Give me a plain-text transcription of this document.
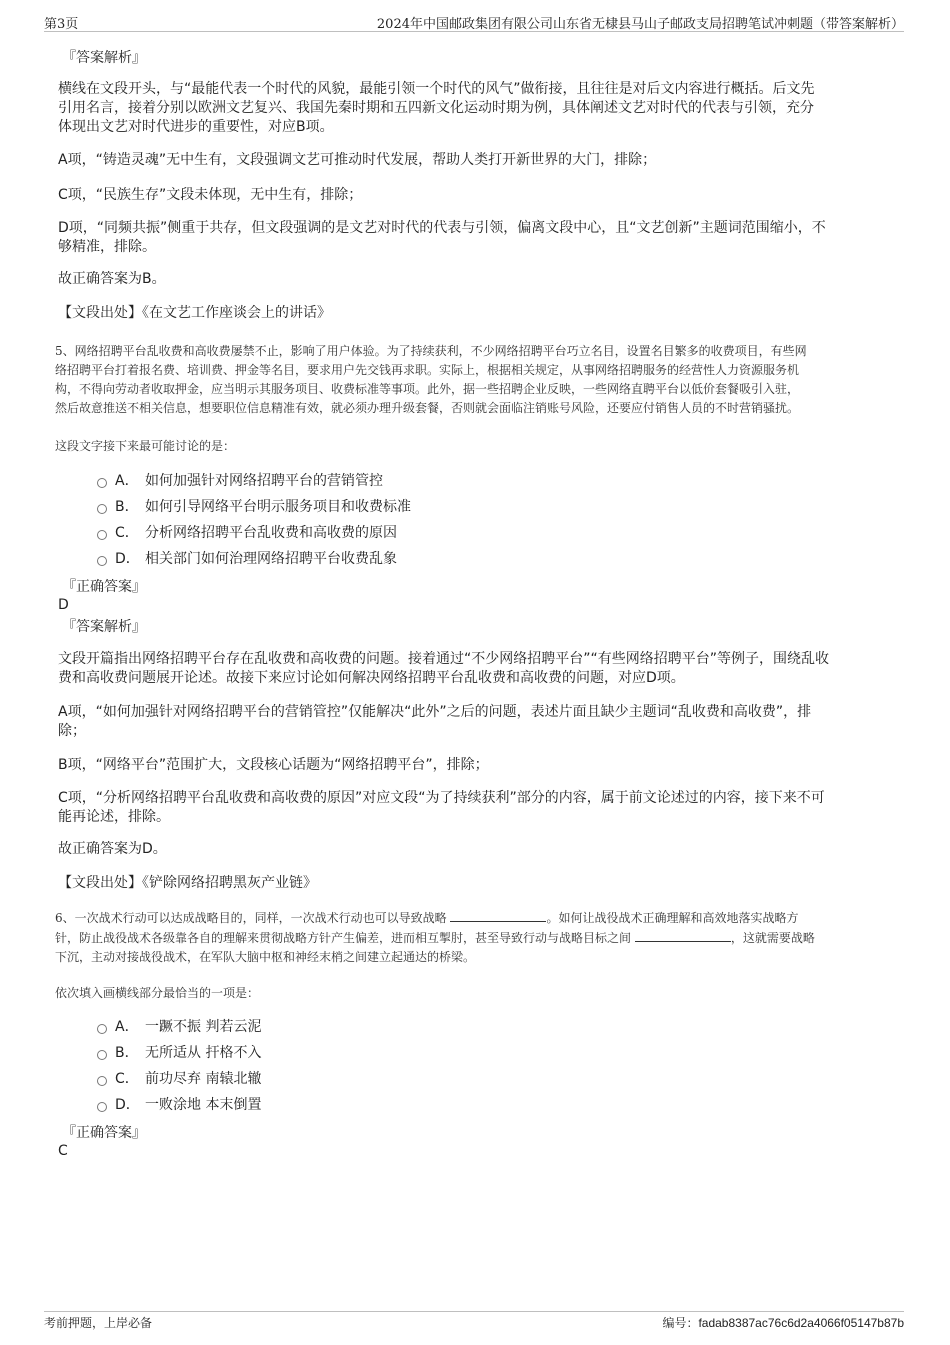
第3页	2024年中国邮政集团有限公司山东省无棣县马山子邮政支局招聘笔试冲刺题（带答案解析）
『答案解析』
横线在文段开头，与“最能代表一个时代的风貌，最能引领一个时代的风气”做衔接，且往往是对后文内容进行概括。后文先
引用名言，接着分别以欧洲文艺复兴、我国先秦时期和五四新文化运动时期为例，具体阐述文艺对时代的代表与引领，充分
体现出文艺对时代进步的重要性，对应B项。
A项，“铸造灵魂”无中生有，文段强调文艺可推动时代发展，帮助人类打开新世界的大门，排除；
C项，“民族生存”文段未体现，无中生有，排除；
D项，“同频共振”侧重于共存，但文段强调的是文艺对时代的代表与引领，偏离文段中心，且“文艺创新”主题词范围缩小，不
够精准，排除。
故正确答案为B。
【文段出处】《在文艺工作座谈会上的讲话》
5、网络招聘平台乱收费和高收费屡禁不止，影响了用户体验。为了持续获利，不少网络招聘平台巧立名目，设置名目繁多的收费项目，有些网
络招聘平台打着报名费、培训费、押金等名目，要求用户先交钱再求职。实际上，根据相关规定，从事网络招聘服务的经营性人力资源服务机
构，不得向劳动者收取押金，应当明示其服务项目、收费标准等事项。此外，据一些招聘企业反映，一些网络直聘平台以低价套餐吸引入驻，
然后故意推送不相关信息，想要职位信息精准有效，就必须办理升级套餐，否则就会面临注销账号风险，还要应付销售人员的不时营销骚扰。
这段文字接下来最可能讨论的是：
A． 如何加强针对网络招聘平台的营销管控
B． 如何引导网络平台明示服务项目和收费标准
C． 分析网络招聘平台乱收费和高收费的原因
D． 相关部门如何治理网络招聘平台收费乱象
『正确答案』
D
『答案解析』
文段开篇指出网络招聘平台存在乱收费和高收费的问题。接着通过“不少网络招聘平台”“有些网络招聘平台”等例子，围绕乱收
费和高收费问题展开论述。故接下来应讨论如何解决网络招聘平台乱收费和高收费的问题，对应D项。
A项，“如何加强针对网络招聘平台的营销管控”仅能解决“此外”之后的问题，表述片面且缺少主题词“乱收费和高收费”，排
除；
B项，“网络平台”范围扩大，文段核心话题为“网络招聘平台”，排除；
C项，“分析网络招聘平台乱收费和高收费的原因”对应文段“为了持续获利”部分的内容，属于前文论述过的内容，接下来不可
能再论述，排除。
故正确答案为D。
【文段出处】《铲除网络招聘黑灰产业链》
6、一次战术行动可以达成战略目的，同样，一次战术行动也可以导致战略	。如何让战役战术正确理解和高效地落实战略方
针，防止战役战术各级靠各自的理解来贯彻战略方针产生偏差，进而相互掣肘，甚至导致行动与战略目标之间	，这就需要战略
下沉，主动对接战役战术，在军队大脑中枢和神经末梢之间建立起通达的桥梁。
依次填入画横线部分最恰当的一项是：
A． 一蹶不振 判若云泥
B． 无所适从 扞格不入
C． 前功尽弃 南辕北辙
D． 一败涂地 本末倒置
『正确答案』
C
考前押题，上岸必备	编号：fadab8387ac76c6d2a4066f05147b87b
